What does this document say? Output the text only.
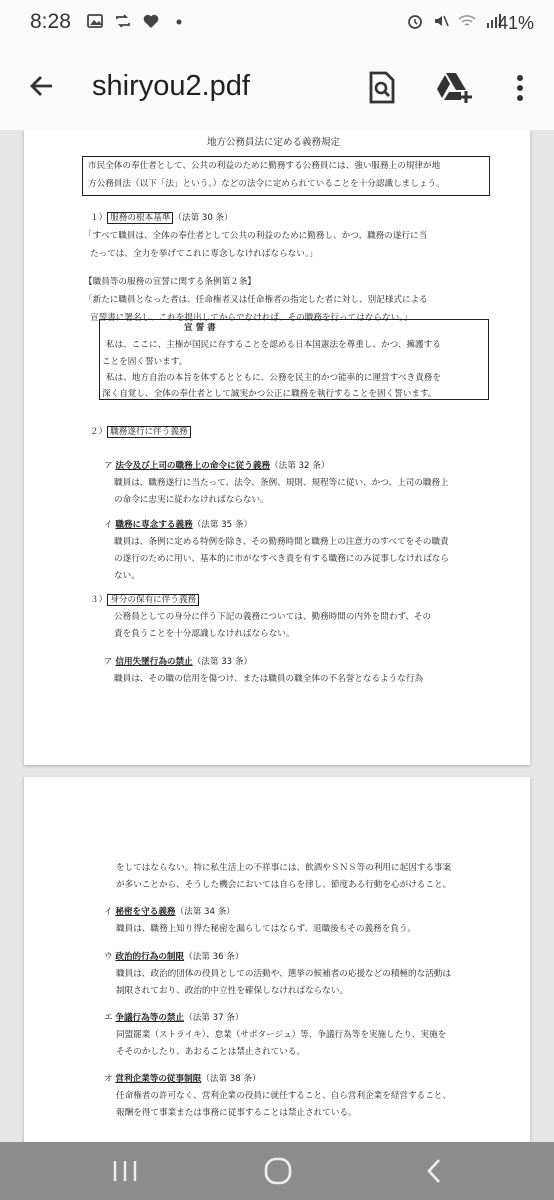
8:28	41%
shiryou2.pdf
地方公務員法に定める義務規定
市民全体の奉仕者として、公共の利益のために勤務する公務員には、強い服務上の規律が地
方公務員法（以下「法」という。）などの法令に定められていることを十分認識しましょう。
１） 服務の根本基準 （法第 30 条）
「すべて職員は、全体の奉仕者として公共の利益のために勤務し、かつ、職務の遂行に当
たっては、全力を挙げてこれに専念しなければならない。」
【職員等の服務の宣誓に関する条例第２条】
「新たに職員となった者は、任命権者又は任命権者の指定した者に対し、別記様式による
宣誓書に署名し、これを提出してからでなければ、その職務を行ってはならない。」
宣 誓 書
私は、ここに、主権が国民に存することを認める日本国憲法を尊重し、かつ、擁護する
ことを固く誓います。
私は、地方自治の本旨を体するとともに、公務を民主的かつ能率的に運営すべき責務を
深く自覚し、全体の奉仕者として誠実かつ公正に職務を執行することを固く誓います。
２） 職務遂行に伴う義務
ア 法令及び上司の職務上の命令に従う義務（法第 32 条）
職員は、職務遂行に当たって、法令、条例、規則、規程等に従い、かつ、上司の職務上
の命令に忠実に従わなければならない。
イ 職務に専念する義務（法第 35 条）
職員は、条例に定める特例を除き、その勤務時間と職務上の注意力のすべてをその職責
の遂行のために用い、基本的に市がなすべき責を有する職務にのみ従事しなければなら
ない。
３） 身分の保有に伴う義務
公務員としての身分に伴う下記の義務については、勤務時間の内外を問わず、その
責を負うことを十分認識しなければならない。
ア 信用失墜行為の禁止（法第 33 条）
職員は、その職の信用を傷つけ、または職員の職全体の不名誉となるような行為
をしてはならない。特に私生活上の不祥事には、飲酒やＳＮＳ等の利用に起因する事案
が多いことから、そうした機会においては自らを律し、節度ある行動を心がけること。
イ 秘密を守る義務（法第 34 条）
職員は、職務上知り得た秘密を漏らしてはならず、退職後もその義務を負う。
ウ 政治的行為の制限（法第 36 条）
職員は、政治的団体の役員としての活動や、選挙の候補者の応援などの積極的な活動は
制限されており、政治的中立性を確保しなければならない。
エ 争議行為等の禁止（法第 37 条）
同盟罷業（ストライキ）、怠業（サボタージュ）等、争議行為等を実施したり、実施を
そそのかしたり、あおることは禁止されている。
オ 営利企業等の従事制限（法第 38 条）
任命権者の許可なく、営利企業の役員に就任すること、自ら営利企業を経営すること、
報酬を得て事業または事務に従事することは禁止されている。
